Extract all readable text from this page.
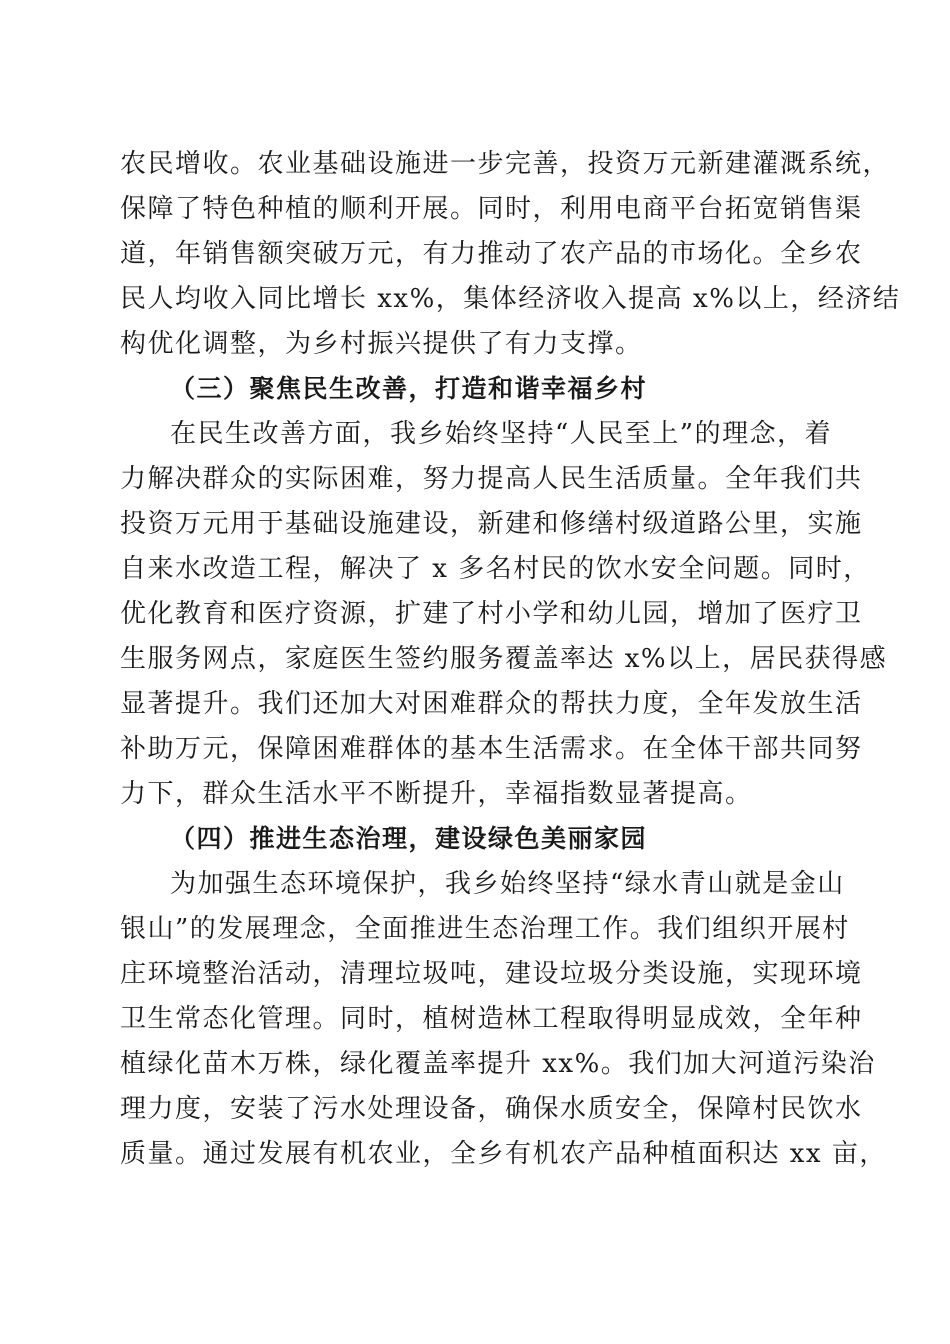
农民增收。农业基础设施进一步完善，投资万元新建灌溉系统，
保障了特色种植的顺利开展。同时，利用电商平台拓宽销售渠
道，年销售额突破万元，有力推动了农产品的市场化。全乡农
民人均收入同比增长 xx%，集体经济收入提高 x%以上，经济结
构优化调整，为乡村振兴提供了有力支撑。
（三）聚焦民生改善，打造和谐幸福乡村
在民生改善方面，我乡始终坚持“人民至上”的理念，着
力解决群众的实际困难，努力提高人民生活质量。全年我们共
投资万元用于基础设施建设，新建和修缮村级道路公里，实施
自来水改造工程，解决了 x 多名村民的饮水安全问题。同时，
优化教育和医疗资源，扩建了村小学和幼儿园，增加了医疗卫
生服务网点，家庭医生签约服务覆盖率达 x%以上，居民获得感
显著提升。我们还加大对困难群众的帮扶力度，全年发放生活
补助万元，保障困难群体的基本生活需求。在全体干部共同努
力下，群众生活水平不断提升，幸福指数显著提高。
（四）推进生态治理，建设绿色美丽家园
为加强生态环境保护，我乡始终坚持“绿水青山就是金山
银山”的发展理念，全面推进生态治理工作。我们组织开展村
庄环境整治活动，清理垃圾吨，建设垃圾分类设施，实现环境
卫生常态化管理。同时，植树造林工程取得明显成效，全年种
植绿化苗木万株，绿化覆盖率提升 xx%。我们加大河道污染治
理力度，安装了污水处理设备，确保水质安全，保障村民饮水
质量。通过发展有机农业，全乡有机农产品种植面积达 xx 亩，
